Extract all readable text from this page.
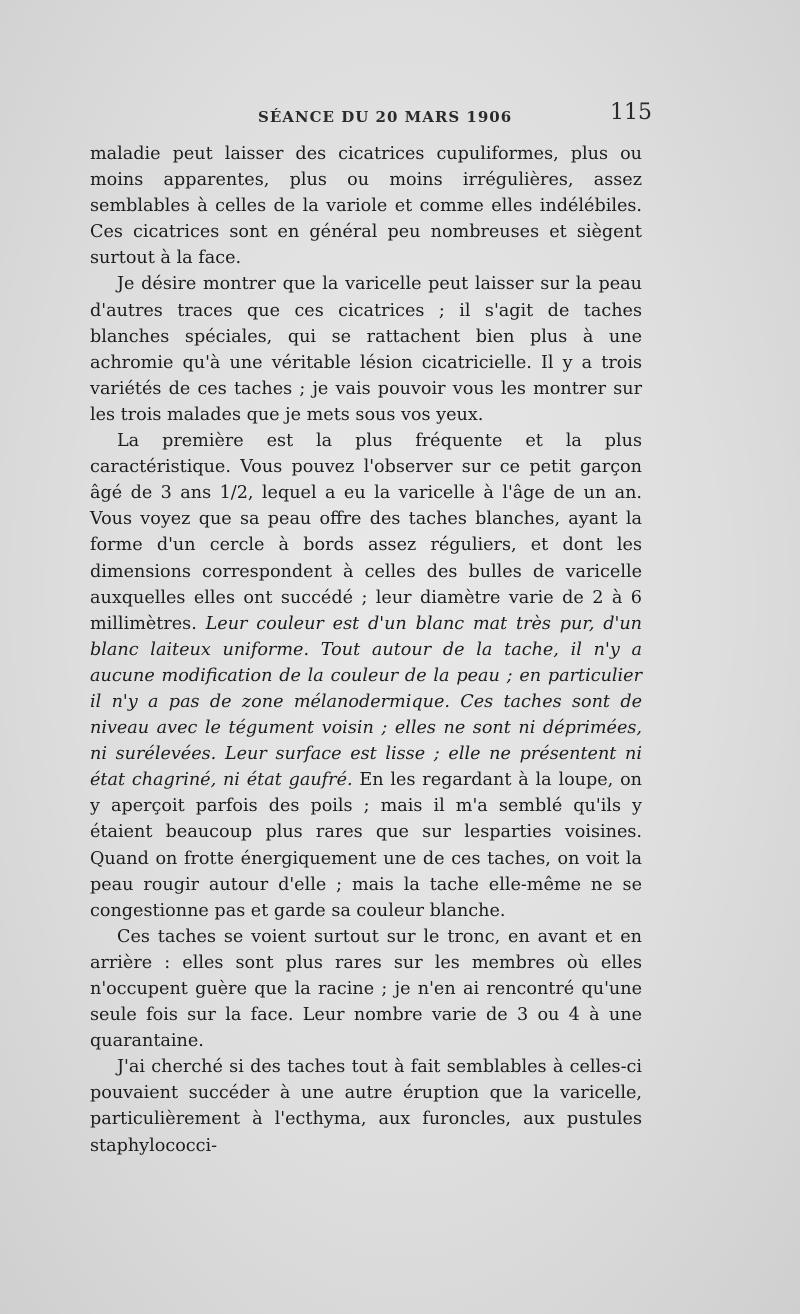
SÉANCE DU 20 MARS 1906	115

maladie peut laisser des cicatrices cupuliformes, plus ou moins apparentes, plus ou moins irrégulières, assez semblables à celles de la variole et comme elles indélébiles. Ces cicatrices sont en général peu nombreuses et siègent surtout à la face.

Je désire montrer que la varicelle peut laisser sur la peau d'autres traces que ces cicatrices ; il s'agit de taches blanches spéciales, qui se rattachent bien plus à une achromie qu'à une véritable lésion cicatricielle. Il y a trois variétés de ces taches ; je vais pouvoir vous les montrer sur les trois malades que je mets sous vos yeux.

La première est la plus fréquente et la plus caractéristique. Vous pouvez l'observer sur ce petit garçon âgé de 3 ans 1/2, lequel a eu la varicelle à l'âge de un an. Vous voyez que sa peau offre des taches blanches, ayant la forme d'un cercle à bords assez réguliers, et dont les dimensions correspondent à celles des bulles de varicelle auxquelles elles ont succédé ; leur diamètre varie de 2 à 6 millimètres. Leur couleur est d'un blanc mat très pur, d'un blanc laiteux uniforme. Tout autour de la tache, il n'y a aucune modification de la couleur de la peau ; en particulier il n'y a pas de zone mélanodermique. Ces taches sont de niveau avec le tégument voisin ; elles ne sont ni déprimées, ni surélevées. Leur surface est lisse ; elle ne présentent ni état chagriné, ni état gaufré. En les regardant à la loupe, on y aperçoit parfois des poils ; mais il m'a semblé qu'ils y étaient beaucoup plus rares que sur lesparties voisines. Quand on frotte énergiquement une de ces taches, on voit la peau rougir autour d'elle ; mais la tache elle-même ne se congestionne pas et garde sa couleur blanche.

Ces taches se voient surtout sur le tronc, en avant et en arrière : elles sont plus rares sur les membres où elles n'occupent guère que la racine ; je n'en ai rencontré qu'une seule fois sur la face. Leur nombre varie de 3 ou 4 à une quarantaine.

J'ai cherché si des taches tout à fait semblables à celles-ci pouvaient succéder à une autre éruption que la varicelle, particulièrement à l'ecthyma, aux furoncles, aux pustules staphylococci-
